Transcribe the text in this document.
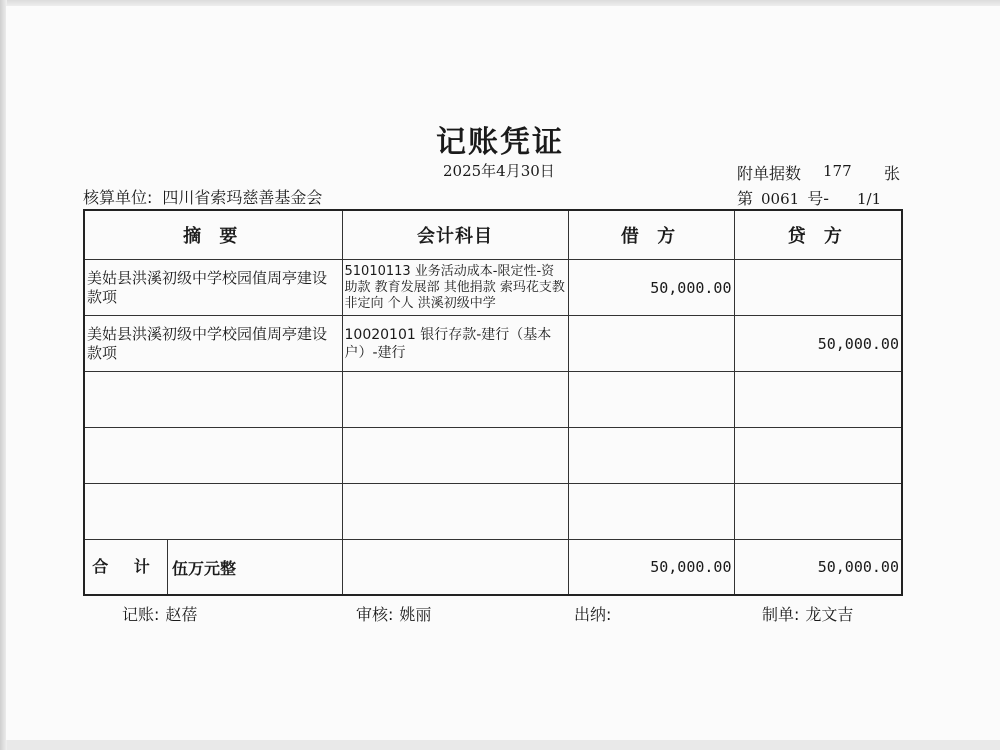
记账凭证
2025年4月30日	附单据数 177 张
核算单位: 四川省索玛慈善基金会	第 0061 号- 1/1
摘 要	会计科目	借 方	贷 方
美姑县洪溪初级中学校园值周亭建设款项	51010113 业务活动成本-限定性-资助款 教育发展部 其他捐款 索玛花支教 非定向 个人 洪溪初级中学	50,000.00	
美姑县洪溪初级中学校园值周亭建设款项	10020101 银行存款-建行（基本户）-建行		50,000.00

合 计 伍万元整		50,000.00	50,000.00
记账: 赵蓓	审核: 姚丽	出纳:	制单: 龙文吉
